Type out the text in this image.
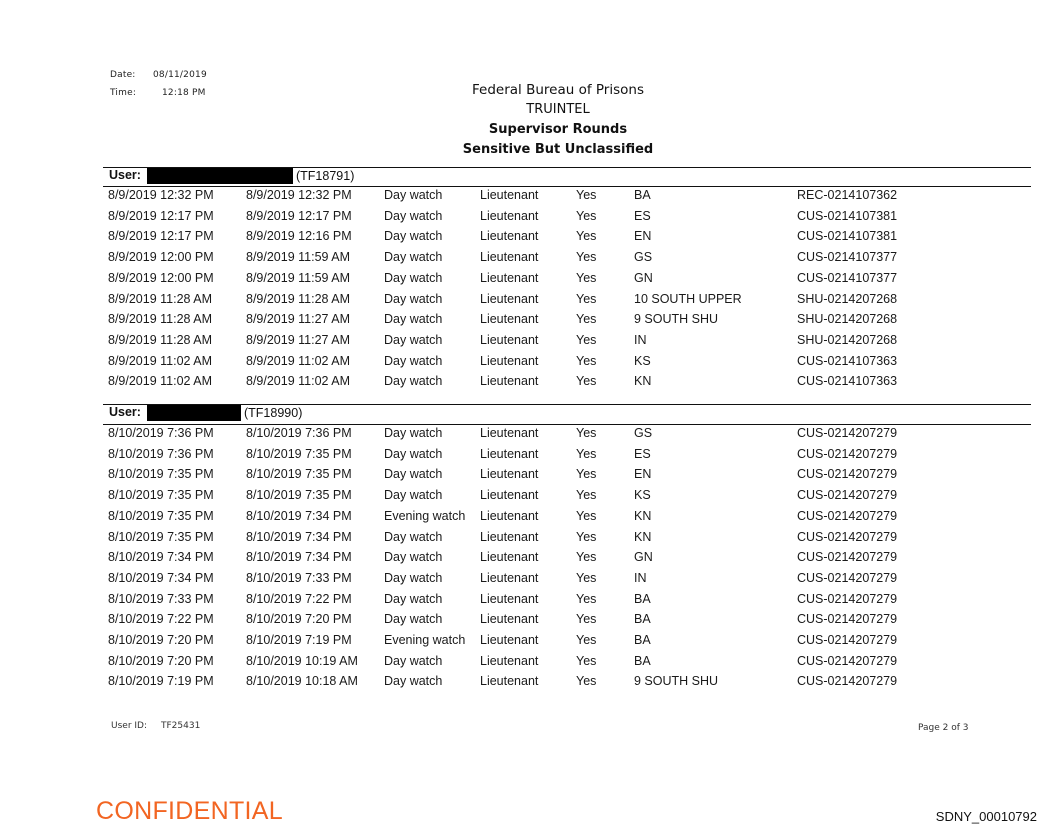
Date: 08/11/2019
Time:	12:18 PM	Federal Bureau of Prisons
TRUINTEL
Supervisor Rounds
Sensitive But Unclassified
User:	(TF18791)
8/9/2019 12:32 PM	8/9/2019 12:32 PM	Day watch	Lieutenant	Yes	BA	REC-0214107362
8/9/2019 12:17 PM	8/9/2019 12:17 PM	Day watch	Lieutenant	Yes	ES	CUS-0214107381
8/9/2019 12:17 PM	8/9/2019 12:16 PM	Day watch	Lieutenant	Yes	EN	CUS-0214107381
8/9/2019 12:00 PM	8/9/2019 11:59 AM	Day watch	Lieutenant	Yes	GS	CUS-0214107377
8/9/2019 12:00 PM	8/9/2019 11:59 AM	Day watch	Lieutenant	Yes	GN	CUS-0214107377
8/9/2019 11:28 AM	8/9/2019 11:28 AM	Day watch	Lieutenant	Yes	10 SOUTH UPPER	SHU-0214207268
8/9/2019 11:28 AM	8/9/2019 11:27 AM	Day watch	Lieutenant	Yes	9 SOUTH SHU	SHU-0214207268
8/9/2019 11:28 AM	8/9/2019 11:27 AM	Day watch	Lieutenant	Yes	IN	SHU-0214207268
8/9/2019 11:02 AM	8/9/2019 11:02 AM	Day watch	Lieutenant	Yes	KS	CUS-0214107363
8/9/2019 11:02 AM	8/9/2019 11:02 AM	Day watch	Lieutenant	Yes	KN	CUS-0214107363
User:	(TF18990)
8/10/2019 7:36 PM	8/10/2019 7:36 PM	Day watch	Lieutenant	Yes	GS	CUS-0214207279
8/10/2019 7:36 PM	8/10/2019 7:35 PM	Day watch	Lieutenant	Yes	ES	CUS-0214207279
8/10/2019 7:35 PM	8/10/2019 7:35 PM	Day watch	Lieutenant	Yes	EN	CUS-0214207279
8/10/2019 7:35 PM	8/10/2019 7:35 PM	Day watch	Lieutenant	Yes	KS	CUS-0214207279
8/10/2019 7:35 PM	8/10/2019 7:34 PM	Evening watch Lieutenant	Yes	KN	CUS-0214207279
8/10/2019 7:35 PM	8/10/2019 7:34 PM	Day watch	Lieutenant	Yes	KN	CUS-0214207279
8/10/2019 7:34 PM	8/10/2019 7:34 PM	Day watch	Lieutenant	Yes	GN	CUS-0214207279
8/10/2019 7:34 PM	8/10/2019 7:33 PM	Day watch	Lieutenant	Yes	IN	CUS-0214207279
8/10/2019 7:33 PM	8/10/2019 7:22 PM	Day watch	Lieutenant	Yes	BA	CUS-0214207279
8/10/2019 7:22 PM	8/10/2019 7:20 PM	Day watch	Lieutenant	Yes	BA	CUS-0214207279
8/10/2019 7:20 PM	8/10/2019 7:19 PM	Evening watch Lieutenant	Yes	BA	CUS-0214207279
8/10/2019 7:20 PM	8/10/2019 10:19 AM Day watch	Lieutenant	Yes	BA	CUS-0214207279
8/10/2019 7:19 PM	8/10/2019 10:18 AM Day watch	Lieutenant	Yes	9 SOUTH SHU	CUS-0214207279
User ID: TF25431	Page 2 of 3
CONFIDENTIAL	SDNY_00010792
